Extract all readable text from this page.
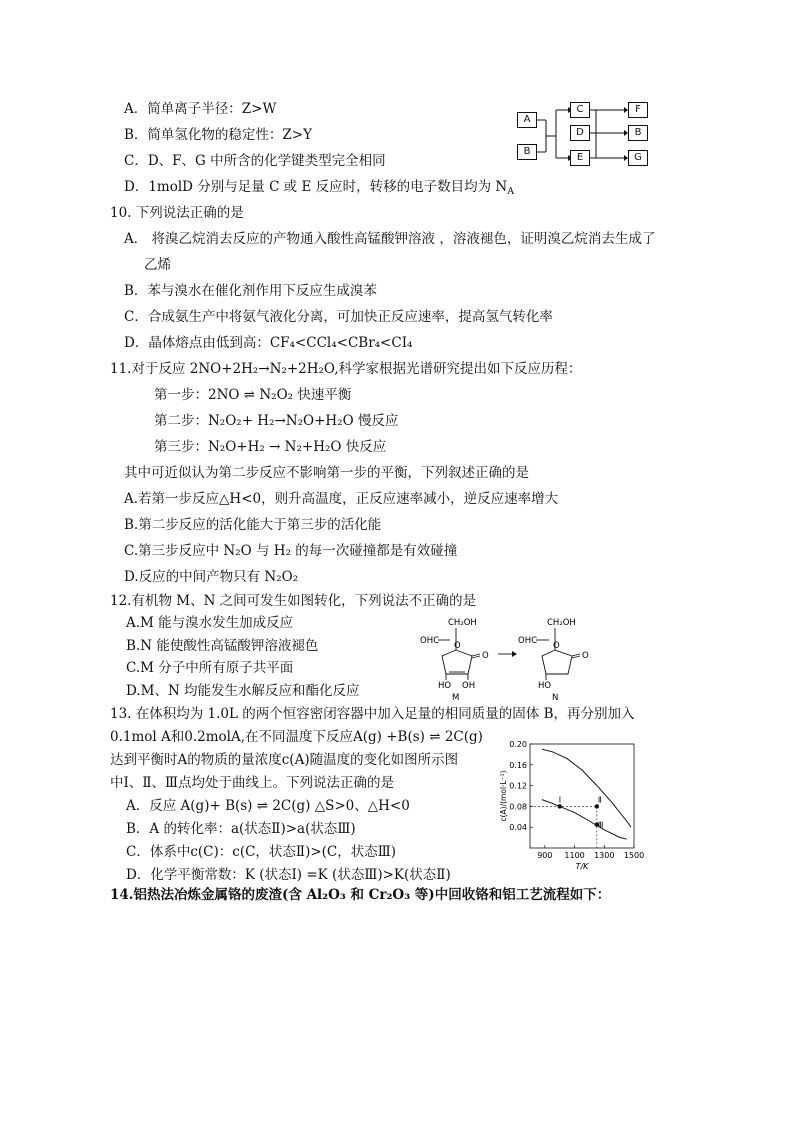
A．简单离子半径：Z>W
B．简单氢化物的稳定性：Z>Y
C．D、F、G 中所含的化学键类型完全相同
D．1molD 分别与足量 C 或 E 反应时，转移的电子数目均为 $N_A$
A
B
C
D
E
F
B
G
10. 下列说法正确的是
A． 将溴乙烷消去反应的产物通入酸性高锰酸钾溶液 ，溶液褪色，证明溴乙烷消去生成了
乙烯
B．苯与溴水在催化剂作用下反应生成溴苯
C．合成氨生产中将氨气液化分离，可加快正反应速率，提高氢气转化率
D．晶体熔点由低到高：CF₄<CCl₄<CBr₄<CI₄
11.对于反应 2NO+2H₂→N₂+2H₂O,科学家根据光谱研究提出如下反应历程：
第一步：2NO ⇌ N₂O₂ 快速平衡
第二步：N₂O₂+ H₂→N₂O+H₂O 慢反应
第三步：N₂O+H₂ → N₂+H₂O 快反应
其中可近似认为第二步反应不影响第一步的平衡，下列叙述正确的是
A.若第一步反应△H<0，则升高温度，正反应速率减小，逆反应速率增大
B.第二步反应的活化能大于第三步的活化能
C.第三步反应中 N₂O 与 H₂ 的每一次碰撞都是有效碰撞
D.反应的中间产物只有 N₂O₂
12.有机物 M、N 之间可发生如图转化，下列说法不正确的是
A.M 能与溴水发生加成反应
B.N 能使酸性高锰酸钾溶液褪色
C.M 分子中所有原子共平面
D.M、N 均能发生水解反应和酯化反应
CH₂OH
OHC O
O
HO OH
M
CH₂OH
OHC O
O
HO
N
13. 在体积均为 1.0L 的两个恒容密闭容器中加入足量的相同质量的固体 B，再分别加入
0.1mol A和0.2molA,在不同温度下反应A(g) +B(s) ⇌ 2C(g)
达到平衡时A的物质的量浓度c(A)随温度的变化如图所示图
中Ⅰ、Ⅱ、Ⅲ点均处于曲线上。下列说法正确的是
A．反应 A(g)+ B(s) ⇌ 2C(g) △S>0、△H<0
B．A 的转化率：a(状态Ⅱ)>a(状态Ⅲ)
C．体系中c(C)：c(C，状态Ⅱ)>(C，状态Ⅲ)
D．化学平衡常数：K (状态Ⅰ) =K (状态Ⅲ)>K(状态Ⅱ)
0.04
0.08
0.12
0.16
0.20
900 1100 1300 1500
T/K
c(A)/(mol·L⁻¹)	Ⅰ	Ⅱ
Ⅲ
14.铝热法冶炼金属铬的废渣(含 Al₂O₃ 和 Cr₂O₃ 等)中回收铬和铝工艺流程如下：
